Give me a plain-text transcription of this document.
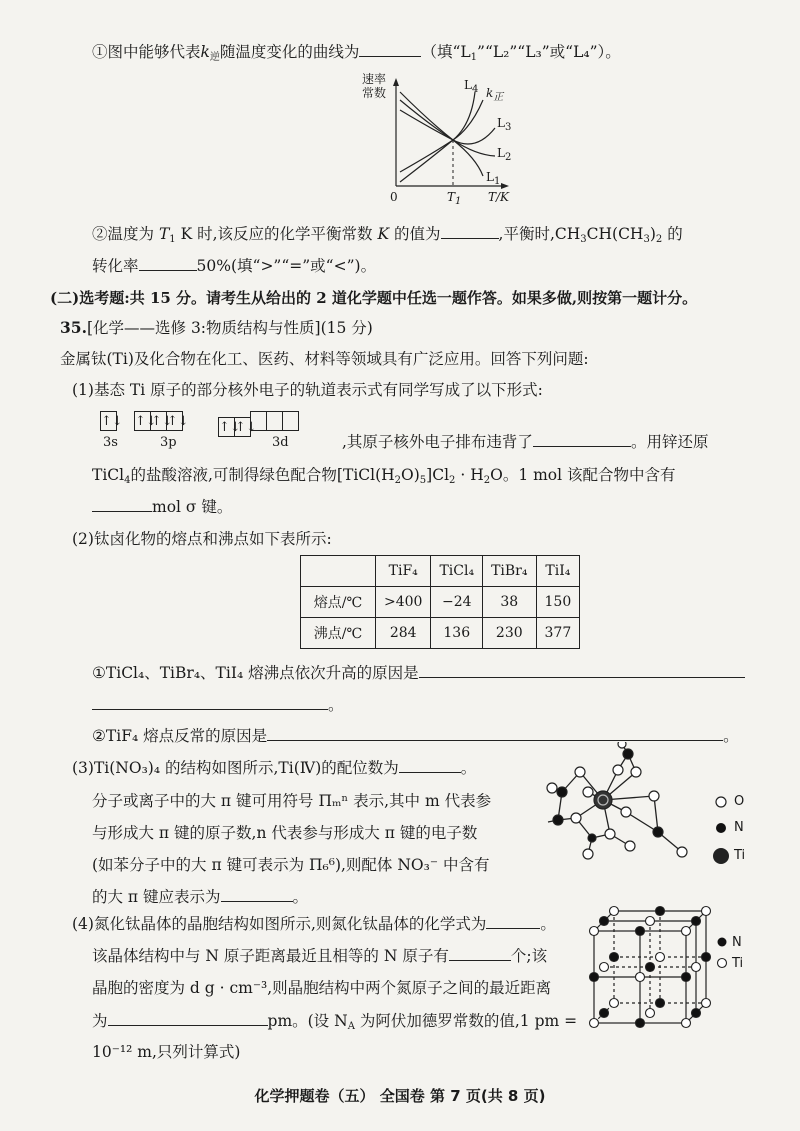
①图中能够代表$k_逆$随温度变化的曲线为	（填“$L_1”“L_2”“L_3$”或“L₄”）。
速率
常数
0	$T_1$ T/K
$L_4$ $k_正$
$L_3$
$L_2$
$L_1$
②温度为 $T_1$ K 时,该反应的化学平衡常数 K 的值为	,平衡时$,CH_3CH(CH_3)_2$ 的
转化率	50%(填“>”“=”或“<”)。
(二)选考题:共 15 分。请考生从给出的 2 道化学题中任选一题作答。如果多做,则按第一题计分。
35.[化学——选修 3:物质结构与性质](15 分)
金属钛(Ti)及化合物在化工、医药、材料等领域具有广泛应用。回答下列问题:
(1)基态 Ti 原子的部分核外电子的轨道表示式有同学写成了以下形式:
↑↓ ↑↓↑↓↑↓ ↑↓↑↓
3s	3p	3d	,其原子核外电子排布违背了	。用锌还原
TiCl$_4$的盐酸溶液,可制得绿色配合物$[TiCl(H_2O)_5]Cl_2 \cdot H_2O$。1 mol 该配合物中含有
mol σ 键。
(2)钛卤化物的熔点和沸点如下表所示:
	TiF₄	TiCl₄	TiBr₄	TiI₄
熔点/℃	>400	−24	38	150
沸点/℃	284	136	230	377
①TiCl₄、TiBr₄、TiI₄ 熔沸点依次升高的原因是
。
②TiF₄ 熔点反常的原因是	。
(3)Ti(NO₃)₄ 的结构如图所示,Ti(Ⅳ)的配位数为	。
分子或离子中的大 π 键可用符号 Πₘⁿ 表示,其中 m 代表参
与形成大 π 键的原子数,n 代表参与形成大 π 键的电子数
(如苯分子中的大 π 键可表示为 Π₆⁶),则配体 NO₃⁻ 中含有
的大 π 键应表示为	。
O
N
Ti
(4)氮化钛晶体的晶胞结构如图所示,则氮化钛晶体的化学式为	。
该晶体结构中与 N 原子距离最近且相等的 N 原子有	个;该
晶胞的密度为 d g · cm⁻³,则晶胞结构中两个氮原子之间的最近距离
为	pm。(设 $N_A$ 为阿伏加德罗常数的值,1 pm =
10⁻¹² m,只列计算式)
N
Ti
化学押题卷（五） 全国卷 第 7 页(共 8 页)
